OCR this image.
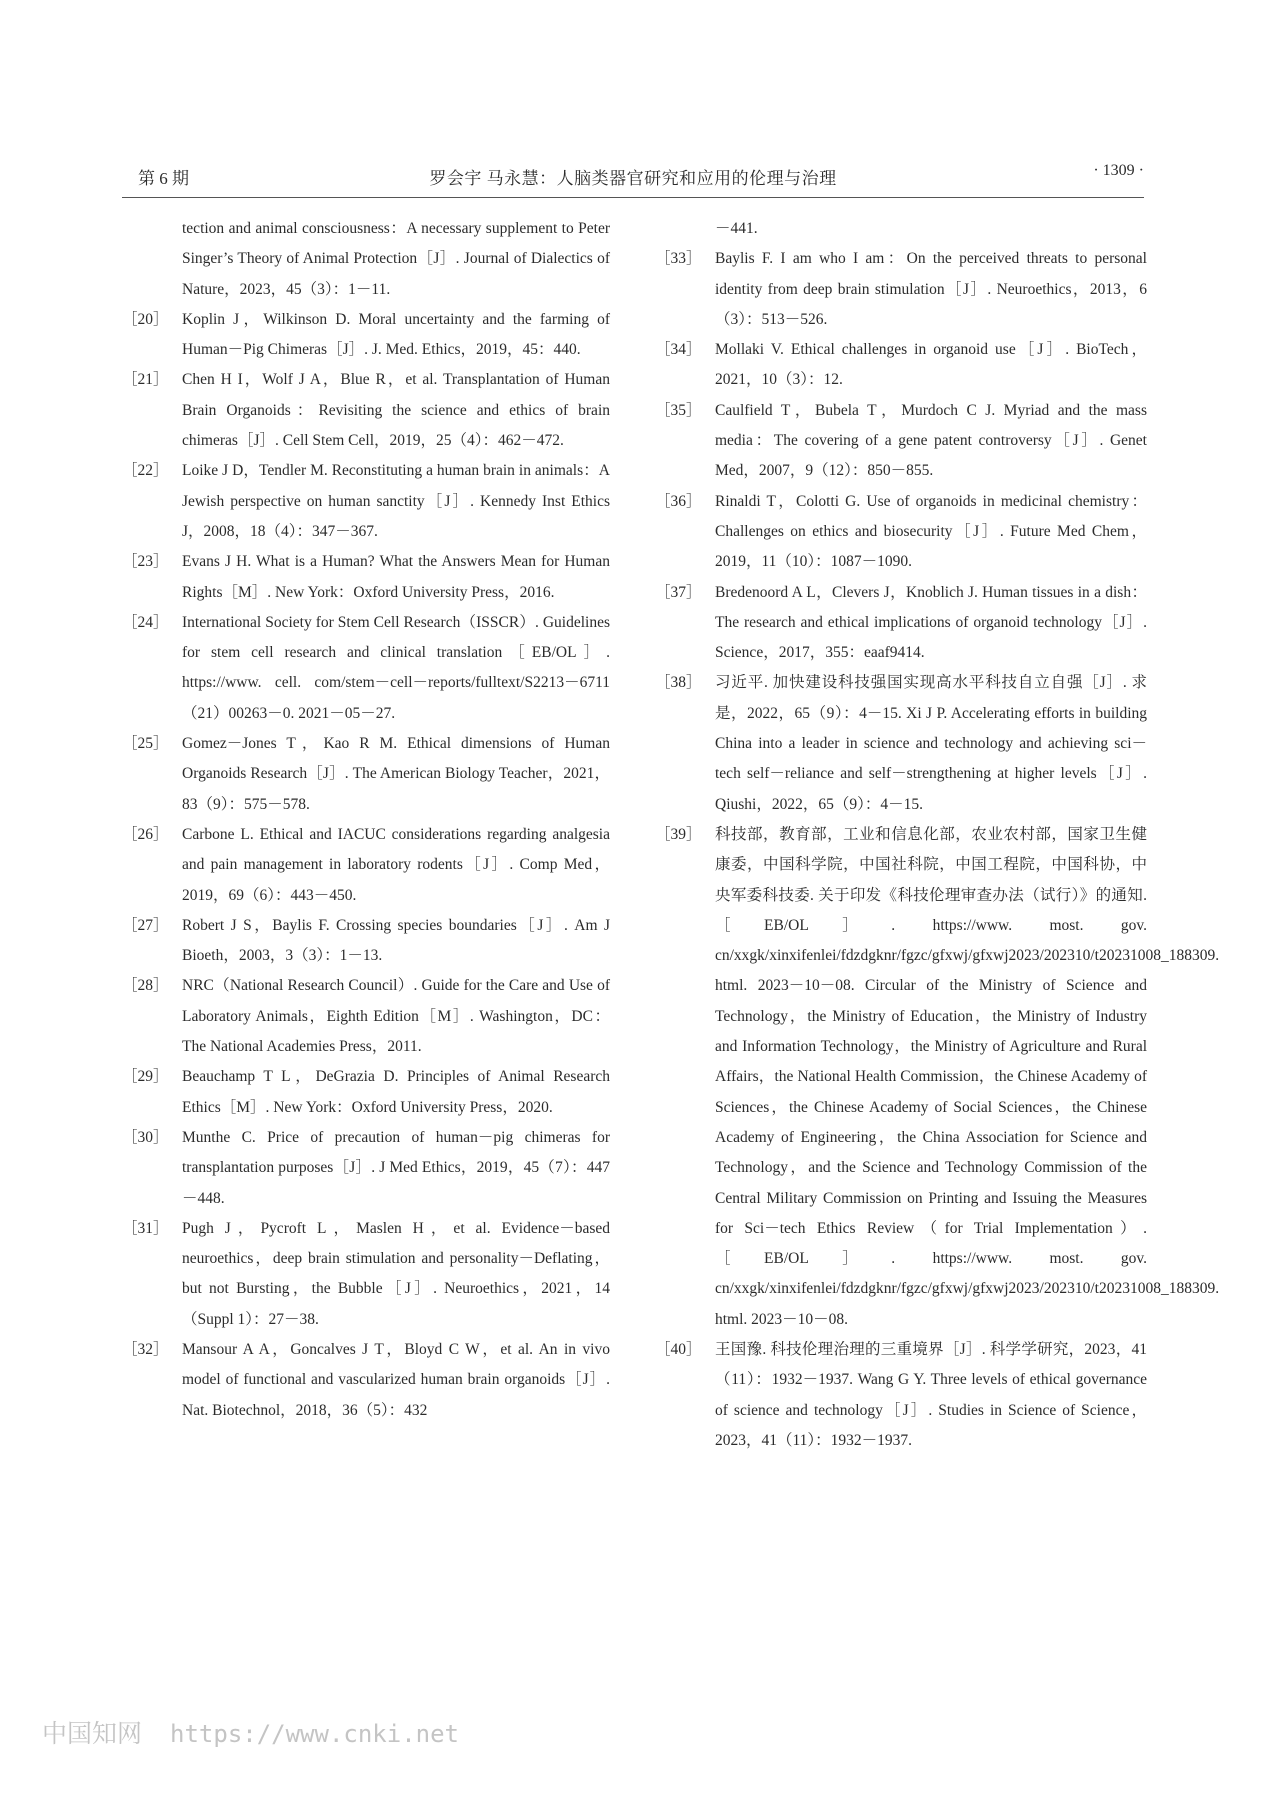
第 6 期	罗会宇 马永慧：人脑类器官研究和应用的伦理与治理	· 1309 ·
tection and animal consciousness：A necessary supplement to Peter Singer’s Theory of Animal Protection［J］. Journal of Dialectics of Nature，2023，45（3）：1－11.
［20］ Koplin J，Wilkinson D. Moral uncertainty and the farming of Human－Pig Chimeras［J］. J. Med. Ethics，2019，45：440.
［21］ Chen H I，Wolf J A，Blue R，et al. Transplantation of Human Brain Organoids：Revisiting the science and ethics of brain chimeras［J］. Cell Stem Cell，2019，25（4）：462－472.
［22］ Loike J D，Tendler M. Reconstituting a human brain in animals：A Jewish perspective on human sanctity［J］. Kennedy Inst Ethics J，2008，18（4）：347－367.
［23］ Evans J H. What is a Human? What the Answers Mean for Human Rights［M］. New York：Oxford University Press，2016.
［24］ International Society for Stem Cell Research（ISSCR）. Guidelines for stem cell research and clinical translation［EB/OL］. https://www. cell. com/stem－cell－reports/fulltext/S2213－6711（21）00263－0. 2021－05－27.
［25］ Gomez－Jones T，Kao R M. Ethical dimensions of Human Organoids Research［J］. The American Biology Teacher，2021，83（9）：575－578.
［26］ Carbone L. Ethical and IACUC considerations regarding analgesia and pain management in laboratory rodents［J］. Comp Med，2019，69（6）：443－450.
［27］ Robert J S，Baylis F. Crossing species boundaries［J］. Am J Bioeth，2003，3（3）：1－13.
［28］ NRC（National Research Council）. Guide for the Care and Use of Laboratory Animals，Eighth Edition［M］. Washington，DC：The National Academies Press，2011.
［29］ Beauchamp T L，DeGrazia D. Principles of Animal Research Ethics［M］. New York：Oxford University Press，2020.
［30］ Munthe C. Price of precaution of human－pig chimeras for transplantation purposes［J］. J Med Ethics，2019，45（7）：447－448.
［31］ Pugh J，Pycroft L，Maslen H，et al. Evidence－based neuroethics，deep brain stimulation and personality－Deflating，but not Bursting，the Bubble［J］. Neuroethics，2021，14（Suppl 1）：27－38.
［32］ Mansour A A，Goncalves J T，Bloyd C W，et al. An in vivo model of functional and vascularized human brain organoids［J］. Nat. Biotechnol，2018，36（5）：432
－441.
［33］ Baylis F. I am who I am：On the perceived threats to personal identity from deep brain stimulation［J］. Neuroethics，2013，6（3）：513－526.
［34］ Mollaki V. Ethical challenges in organoid use［J］. BioTech，2021，10（3）：12.
［35］ Caulfield T，Bubela T，Murdoch C J. Myriad and the mass media：The covering of a gene patent controversy［J］. Genet Med，2007，9（12）：850－855.
［36］ Rinaldi T，Colotti G. Use of organoids in medicinal chemistry：Challenges on ethics and biosecurity［J］. Future Med Chem，2019，11（10）：1087－1090.
［37］ Bredenoord A L，Clevers J，Knoblich J. Human tissues in a dish：The research and ethical implications of organoid technology［J］. Science，2017，355：eaaf9414.
［38］ 习近平. 加快建设科技强国实现高水平科技自立自强［J］. 求是，2022，65（9）：4－15. Xi J P. Accelerating efforts in building China into a leader in science and technology and achieving sci－tech self－reliance and self－strengthening at higher levels［J］. Qiushi，2022，65（9）：4－15.
［39］ 科技部，教育部，工业和信息化部，农业农村部，国家卫生健康委，中国科学院，中国社科院，中国工程院，中国科协，中央军委科技委. 关于印发《科技伦理审查办法（试行）》的通知.［EB/OL］. https://www. most. gov. cn/xxgk/xinxifenlei/fdzdgknr/fgzc/gfxwj/gfxwj2023/202310/t20231008_188309. html. 2023－10－08. Circular of the Ministry of Science and Technology，the Ministry of Education，the Ministry of Industry and Information Technology，the Ministry of Agriculture and Rural Affairs，the National Health Commission，the Chinese Academy of Sciences，the Chinese Academy of Social Sciences，the Chinese Academy of Engineering，the China Association for Science and Technology，and the Science and Technology Commission of the Central Military Commission on Printing and Issuing the Measures for Sci－tech Ethics Review（for Trial Implementation）.［EB/OL］. https://www. most. gov. cn/xxgk/xinxifenlei/fdzdgknr/fgzc/gfxwj/gfxwj2023/202310/t20231008_188309. html. 2023－10－08.
［40］ 王国豫. 科技伦理治理的三重境界［J］. 科学学研究，2023，41（11）：1932－1937. Wang G Y. Three levels of ethical governance of science and technology［J］. Studies in Science of Science，2023，41（11）：1932－1937.
中国知网 https://www.cnki.net
